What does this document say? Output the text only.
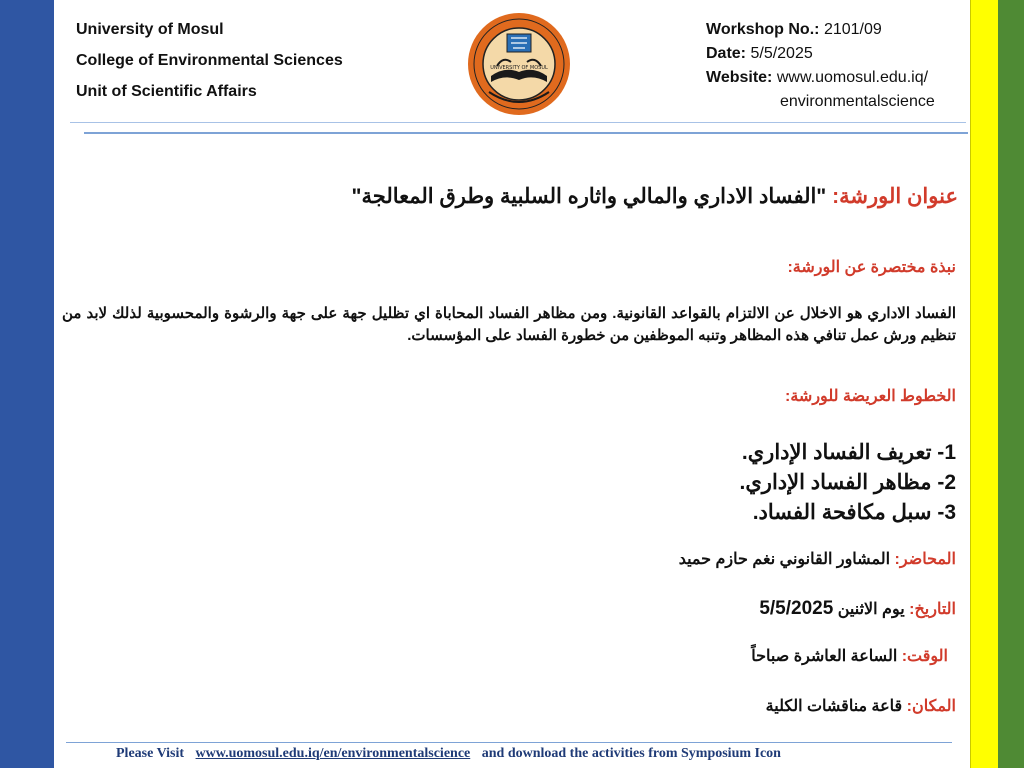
University of Mosul
College of Environmental Sciences
Unit of Scientific Affairs
UNIVERSITY OF MOSUL
Workshop No.: 2101/09
Date: 5/5/2025
Website: www.uomosul.edu.iq/
environmentalscience
عنوان الورشة: "الفساد الاداري والمالي واثاره السلبية وطرق المعالجة"
نبذة مختصرة عن الورشة:
الفساد الاداري هو الاخلال عن الالتزام بالقواعد القانونية. ومن مظاهر الفساد المحاباة اي تظليل جهة على جهة والرشوة والمحسوبية لذلك لابد من تنظيم ورش عمل تنافي هذه المظاهر وتنبه الموظفين من خطورة الفساد على المؤسسات.
الخطوط العريضة للورشة:
1- تعريف الفساد الإداري.
2- مظاهر الفساد الإداري.
3- سبل مكافحة الفساد.
المحاضر: المشاور القانوني نغم حازم حميد
التاريخ: يوم الاثنين 5/5/2025
الوقت: الساعة العاشرة صباحاً
المكان: قاعة مناقشات الكلية
Please Visit www.uomosul.edu.iq/en/environmentalscience and download the activities from Symposium Icon
